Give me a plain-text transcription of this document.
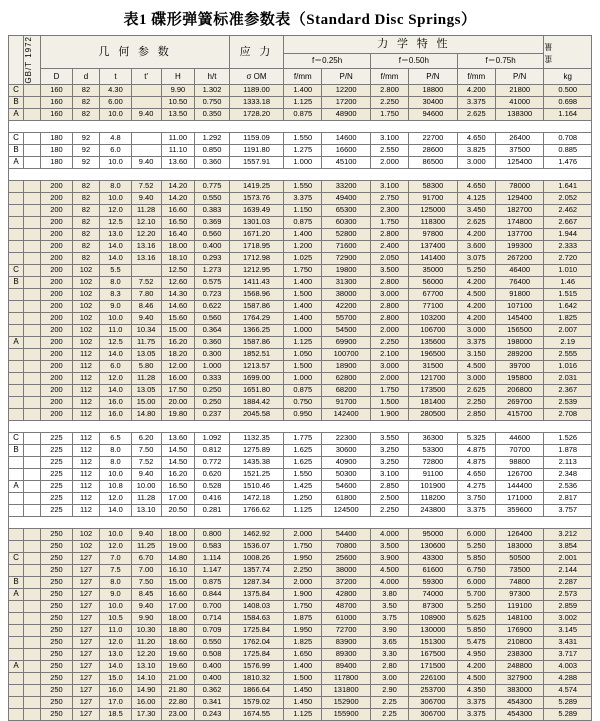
表1 碟形弹簧标准参数表（Standard Disc Springs）

	GB/T 1972	几 何 参 数						应 力	力 学 特 性						重 量

									f＝0.25h		f＝0.50h		f＝0.75h		
		D	d	t	t'	H	h/t	σ OM	f/mm	P/N	f/mm	P/N	f/mm	P/N	kg
C		160	82	4.30		9.90	1.302	1189.00	1.400	12200	2.800	18800	4.200	21800	0.500
B		160	82	6.00		10.50	0.750	1333.18	1.125	17200	2.250	30400	3.375	41000	0.698
A		160	82	10.0	9.40	13.50	0.350	1728.20	0.875	48900	1.750	94600	2.625	138300	1.164

C		180	92	4.8		11.00	1.292	1159.09	1.550	14600	3.100	22700	4.650	26400	0.708
B		180	92	6.0		11.10	0.850	1191.80	1.275	16600	2.550	28600	3.825	37500	0.885
A		180	92	10.0	9.40	13.60	0.360	1557.91	1.000	45100	2.000	86500	3.000	125400	1.476

		200	82	8.0	7.52	14.20	0.775	1419.25	1.550	33200	3.100	58300	4.650	78000	1.641
		200	82	10.0	9.40	14.20	0.550	1573.76	3.375	49400	2.750	91700	4.125	129400	2.052
		200	82	12.0	11.28	16.60	0.383	1639.49	1.150	65300	2.300	125000	3.450	182700	2.462
		200	82	12.5	12.10	16.50	0.369	1301.03	0.875	60300	1.750	118300	2.625	174800	2.667
		200	82	13.0	12.20	16.40	0.560	1671.20	1.400	52800	2.800	97800	4.200	137700	1.944
		200	82	14.0	13.16	18.00	0.400	1718.95	1.200	71600	2.400	137400	3.600	199300	2.333
		200	82	14.0	13.16	18.10	0.293	1712.98	1.025	72900	2.050	141400	3.075	267200	2.720
C		200	102	5.5		12.50	1.273	1212.95	1.750	19800	3.500	35000	5.250	46400	1.010
B		200	102	8.0	7.52	12.60	0.575	1411.43	1.400	31300	2.800	56000	4.200	76400	1.46
		200	102	8.3	7.80	14.30	0.723	1568.96	1.500	38000	3.000	67700	4.500	91800	1.515
		200	102	9.0	8.46	14.60	0.622	1587.86	1.400	42200	2.800	77100	4.200	107100	1.642
		200	102	10.0	9.40	15.60	0.560	1764.29	1.400	55700	2.800	103200	4.200	145400	1.825
		200	102	11.0	10.34	15.00	0.364	1366.25	1.000	54500	2.000	106700	3.000	156500	2.007
A		200	102	12.5	11.75	16.20	0.360	1587.86	1.125	69900	2.250	135600	3.375	198000	2.19
		200	112	14.0	13.05	18.20	0.300	1852.51	1.050	100700	2.100	196500	3.150	289200	2.555
		200	112	6.0	5.80	12.00	1.000	1213.57	1.500	18900	3.000	31500	4.500	39700	1.016
		200	112	12.0	11.28	16.00	0.333	1699.00	1.000	62800	2.000	121700	3.000	195800	2.031
		200	112	14.0	13.05	17.50	0.250	1651.80	0.875	68200	1.750	173500	2.625	206800	2.367
		200	112	16.0	15.00	20.00	0.250	1884.42	0.750	91700	1.500	181400	2.250	269700	2.539
		200	112	16.0	14.80	19.80	0.237	2045.58	0.950	142400	1.900	280500	2.850	415700	2.708

C		225	112	6.5	6.20	13.60	1.092	1132.35	1.775	22300	3.550	36300	5.325	44600	1.526
B		225	112	8.0	7.50	14.50	0.812	1275.89	1.625	30600	3.250	53300	4.875	70700	1.878
		225	112	8.0	7.52	14.50	0.772	1435.38	1.625	40900	3.250	72800	4.875	98800	2.113
		225	112	10.0	9.40	16.20	0.620	1521.25	1.550	50300	3.100	91100	4.650	126700	2.348
A		225	112	10.8	10.00	16.50	0.528	1510.46	1.425	54600	2.850	101900	4.275	144400	2.536
		225	112	12.0	11.28	17.00	0.416	1472.18	1.250	61800	2.500	118200	3.750	171000	2.817
		225	112	14.0	13.10	20.50	0.281	1766.62	1.125	124500	2.250	243800	3.375	359600	3.757

		250	102	10.0	9.40	18.00	0.800	1462.92	2.000	54400	4.000	95000	6.000	126400	3.212
		250	102	12.0	11.25	19.00	0.583	1536.07	1.750	70800	3.500	130600	5.250	183000	3.854
C		250	127	7.0	6.70	14.80	1.114	1008.26	1.950	25600	3.900	43300	5.850	50500	2.001
		250	127	7.5	7.00	16.10	1.147	1357.74	2.250	38000	4.500	61600	6.750	73500	2.144
B		250	127	8.0	7.50	15.00	0.875	1287.34	2.000	37200	4.000	59300	6.000	74800	2.287
A		250	127	9.0	8.45	16.60	0.844	1375.84	1.900	42800	3.80	74000	5.700	97300	2.573
		250	127	10.0	9.40	17.00	0.700	1408.03	1.750	48700	3.50	87300	5.250	119100	2.859
		250	127	10.5	9.90	18.00	0.714	1584.63	1.875	61000	3.75	108900	5.625	148100	3.002
		250	127	11.0	10.30	18.80	0.709	1725.84	1.950	72700	3.90	130000	5.850	176900	3.145
		250	127	12.0	11.20	18.60	0.550	1762.04	1.825	83900	3.65	151300	5.475	210800	3.431
		250	127	13.0	12.20	19.60	0.508	1725.84	1.650	89300	3.30	167500	4.950	238300	3.717
A		250	127	14.0	13.10	19.60	0.400	1576.99	1.400	89400	2.80	171500	4.200	248800	4.003
		250	127	15.0	14.10	21.00	0.400	1810.32	1.500	117800	3.00	226100	4.500	327900	4.288
		250	127	16.0	14.90	21.80	0.362	1866.64	1.450	131800	2.90	253700	4.350	383000	4.574
		250	127	17.0	16.00	22.80	0.341	1579.02	1.450	152900	2.25	306700	3.375	454300	5.289
		250	127	18.5	17.30	23.00	0.243	1674.55	1.125	155900	2.25	306700	3.375	454300	5.289
